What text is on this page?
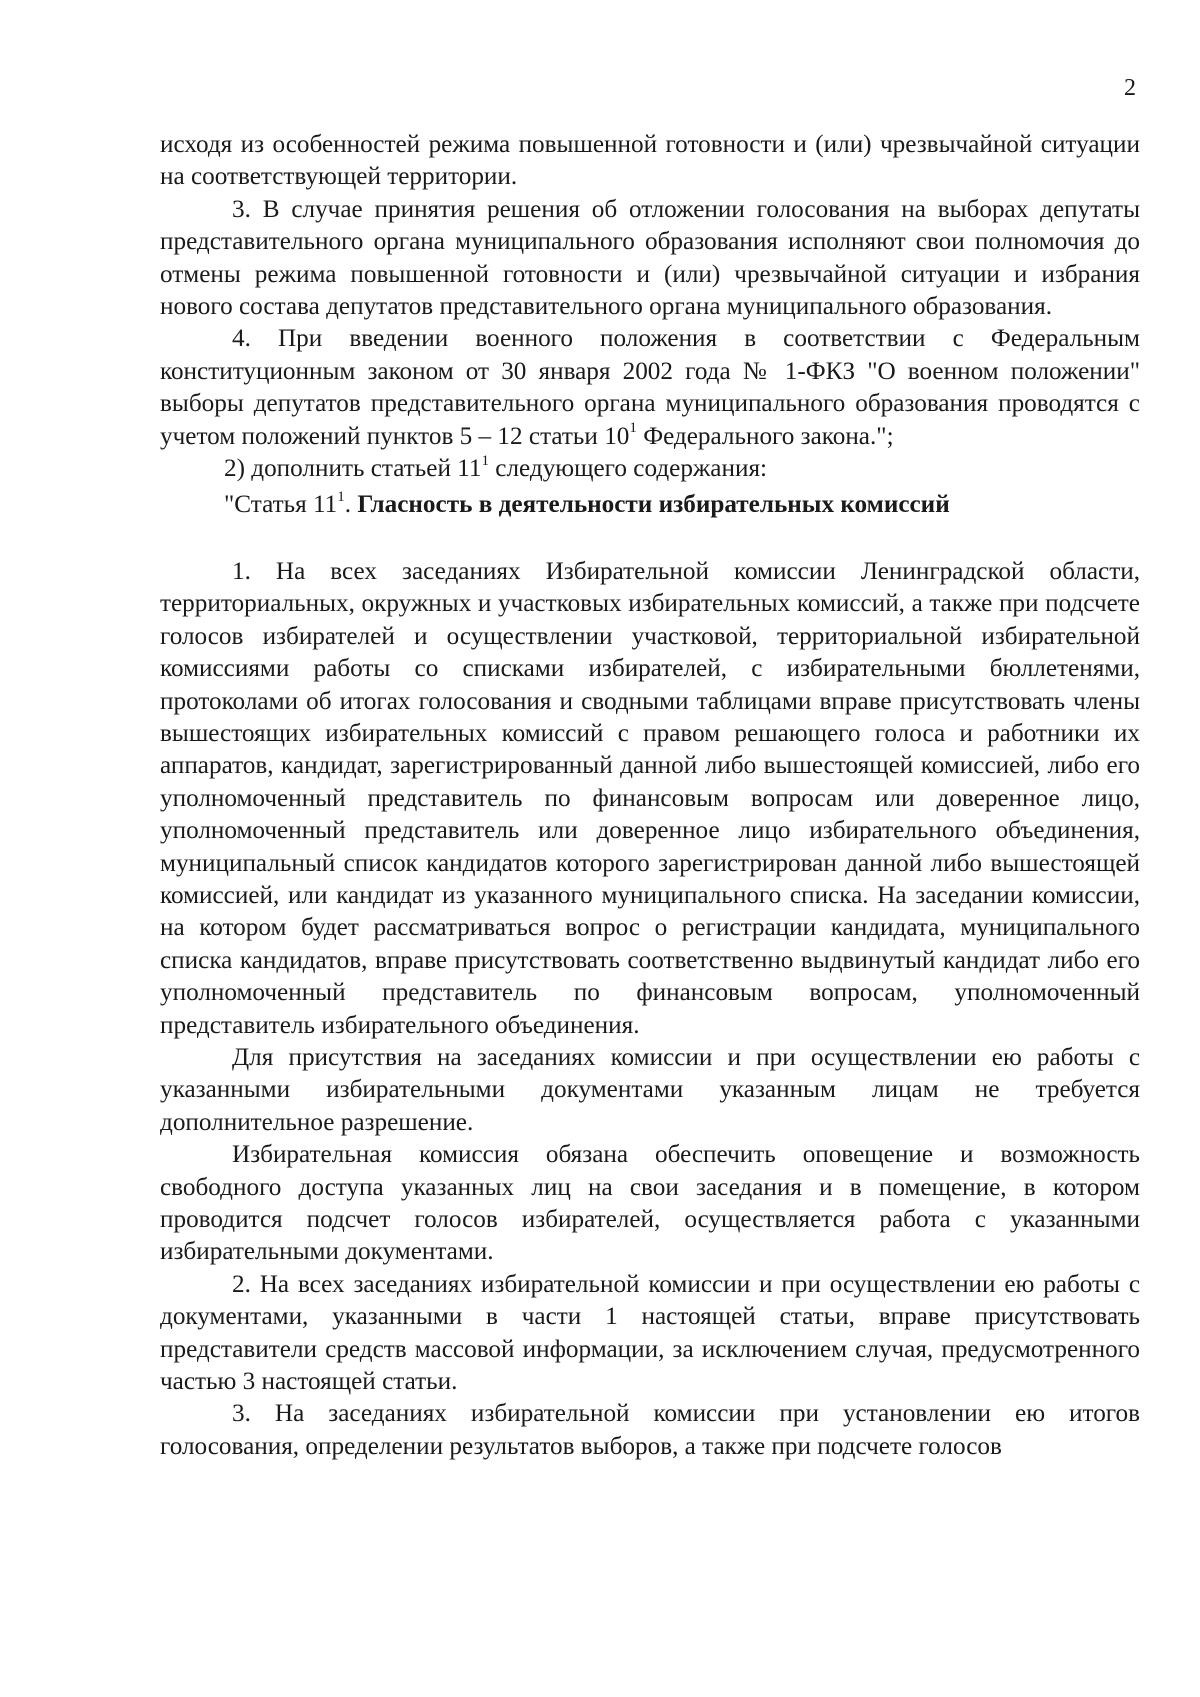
2

исходя из особенностей режима повышенной готовности и (или) чрезвычайной ситуации на соответствующей территории.

3. В случае принятия решения об отложении голосования на выборах депутаты представительного органа муниципального образования исполняют свои полномочия до отмены режима повышенной готовности и (или) чрезвычайной ситуации и избрания нового состава депутатов представительного органа муниципального образования.

4. При введении военного положения в соответствии с Федеральным конституционным законом от 30 января 2002 года № 1-ФКЗ "О военном положении" выборы депутатов представительного органа муниципального образования проводятся с учетом положений пунктов 5 – 12 статьи $10^1$ Федерального закона.";

2) дополнить статьей $11^1$ следующего содержания:

"Статья $11^1$. Гласность в деятельности избирательных комиссий

1. На всех заседаниях Избирательной комиссии Ленинградской области, территориальных, окружных и участковых избирательных комиссий, а также при подсчете голосов избирателей и осуществлении участковой, территориальной избирательной комиссиями работы со списками избирателей, с избирательными бюллетенями, протоколами об итогах голосования и сводными таблицами вправе присутствовать члены вышестоящих избирательных комиссий с правом решающего голоса и работники их аппаратов, кандидат, зарегистрированный данной либо вышестоящей комиссией, либо его уполномоченный представитель по финансовым вопросам или доверенное лицо, уполномоченный представитель или доверенное лицо избирательного объединения, муниципальный список кандидатов которого зарегистрирован данной либо вышестоящей комиссией, или кандидат из указанного муниципального списка. На заседании комиссии, на котором будет рассматриваться вопрос о регистрации кандидата, муниципального списка кандидатов, вправе присутствовать соответственно выдвинутый кандидат либо его уполномоченный представитель по финансовым вопросам, уполномоченный представитель избирательного объединения.

Для присутствия на заседаниях комиссии и при осуществлении ею работы с указанными избирательными документами указанным лицам не требуется дополнительное разрешение.

Избирательная комиссия обязана обеспечить оповещение и возможность свободного доступа указанных лиц на свои заседания и в помещение, в котором проводится подсчет голосов избирателей, осуществляется работа с указанными избирательными документами.

2. На всех заседаниях избирательной комиссии и при осуществлении ею работы с документами, указанными в части 1 настоящей статьи, вправе присутствовать представители средств массовой информации, за исключением случая, предусмотренного частью 3 настоящей статьи.

3. На заседаниях избирательной комиссии при установлении ею итогов голосования, определении результатов выборов, а также при подсчете голосов
